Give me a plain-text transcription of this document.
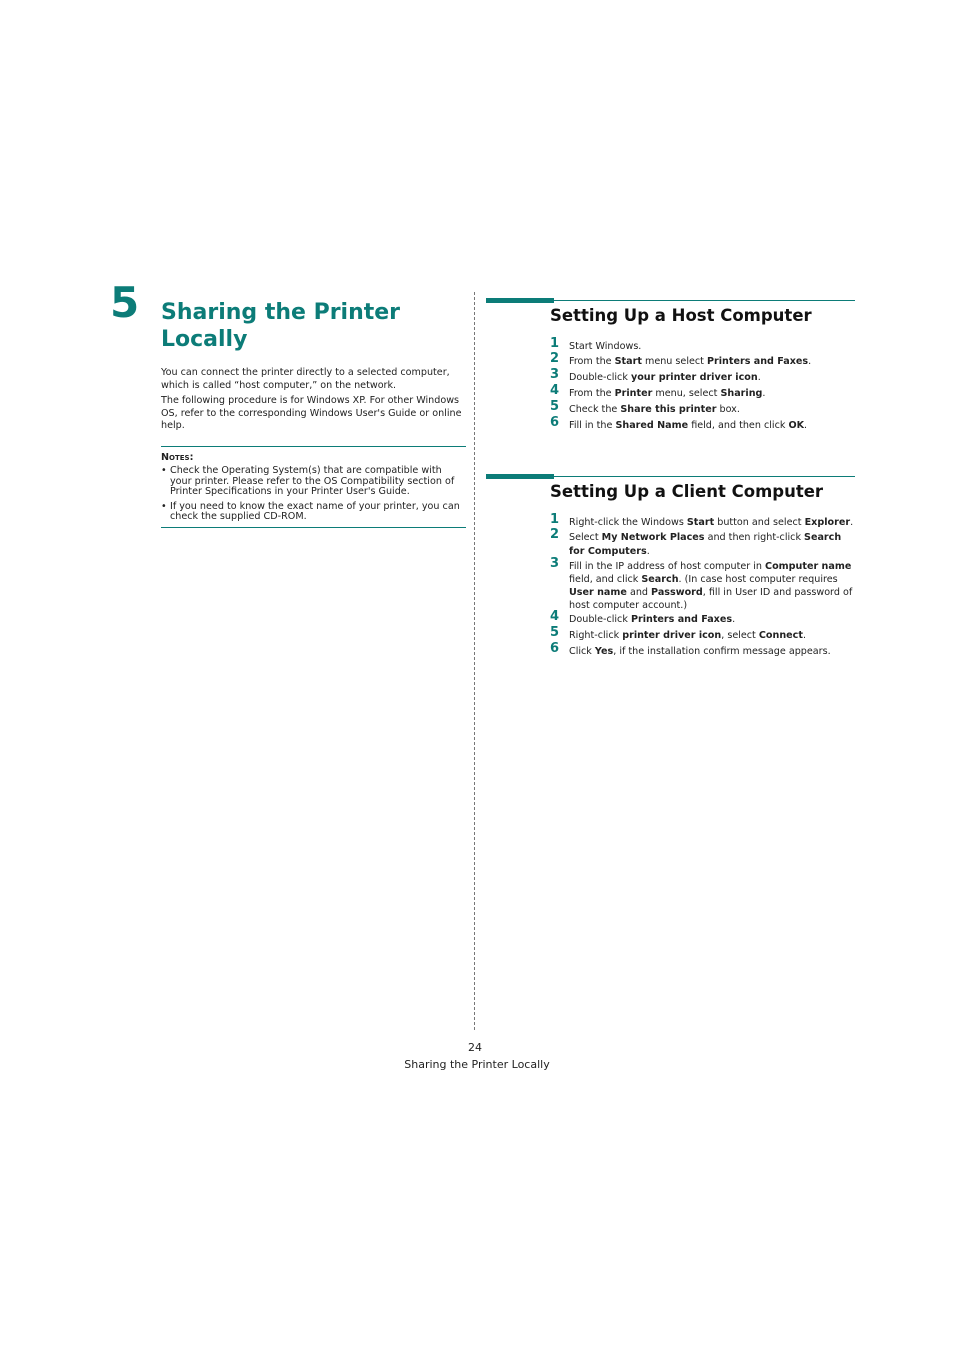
5 Sharing the Printer Locally
You can connect the printer directly to a selected computer, which is called “host computer,” on the network.
The following procedure is for Windows XP. For other Windows OS, refer to the corresponding Windows User's Guide or online help.
Notes:
• Check the Operating System(s) that are compatible with your printer. Please refer to the OS Compatibility section of Printer Specifications in your Printer User's Guide.
• If you need to know the exact name of your printer, you can check the supplied CD-ROM.
Setting Up a Host Computer
1 Start Windows.
2 From the Start menu select Printers and Faxes.
3 Double-click your printer driver icon.
4 From the Printer menu, select Sharing.
5 Check the Share this printer box.
6 Fill in the Shared Name field, and then click OK.
Setting Up a Client Computer
1 Right-click the Windows Start button and select Explorer.
2 Select My Network Places and then right-click Search for Computers.
3 Fill in the IP address of host computer in Computer name field, and click Search. (In case host computer requires User name and Password, fill in User ID and password of host computer account.)
4 Double-click Printers and Faxes.
5 Right-click printer driver icon, select Connect.
6 Click Yes, if the installation confirm message appears.
24
Sharing the Printer Locally
